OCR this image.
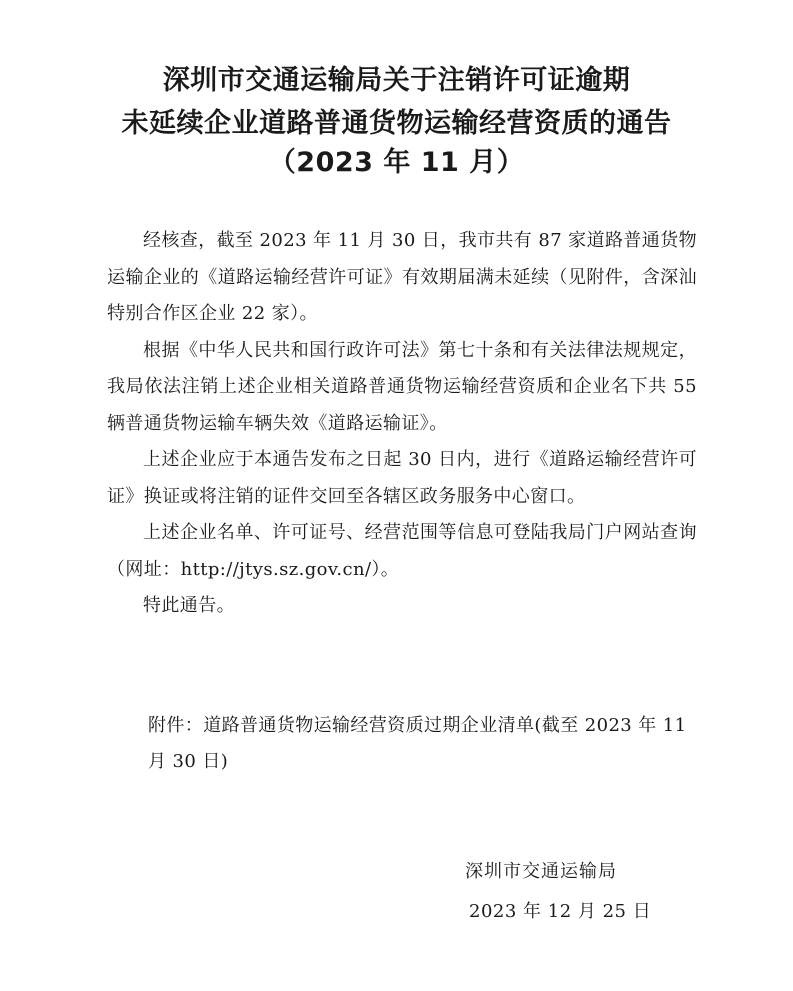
深圳市交通运输局关于注销许可证逾期
未延续企业道路普通货物运输经营资质的通告
（2023 年 11 月）

经核查，截至 2023 年 11 月 30 日，我市共有 87 家道路普通货物运输企业的《道路运输经营许可证》有效期届满未延续（见附件，含深汕特别合作区企业 22 家）。

根据《中华人民共和国行政许可法》第七十条和有关法律法规规定，我局依法注销上述企业相关道路普通货物运输经营资质和企业名下共 55 辆普通货物运输车辆失效《道路运输证》。

上述企业应于本通告发布之日起 30 日内，进行《道路运输经营许可证》换证或将注销的证件交回至各辖区政务服务中心窗口。

上述企业名单、许可证号、经营范围等信息可登陆我局门户网站查询（网址：http://jtys.sz.gov.cn/）。

特此通告。

附件：道路普通货物运输经营资质过期企业清单(截至 2023 年 11 月 30 日)
深圳市交通运输局
2023 年 12 月 25 日
